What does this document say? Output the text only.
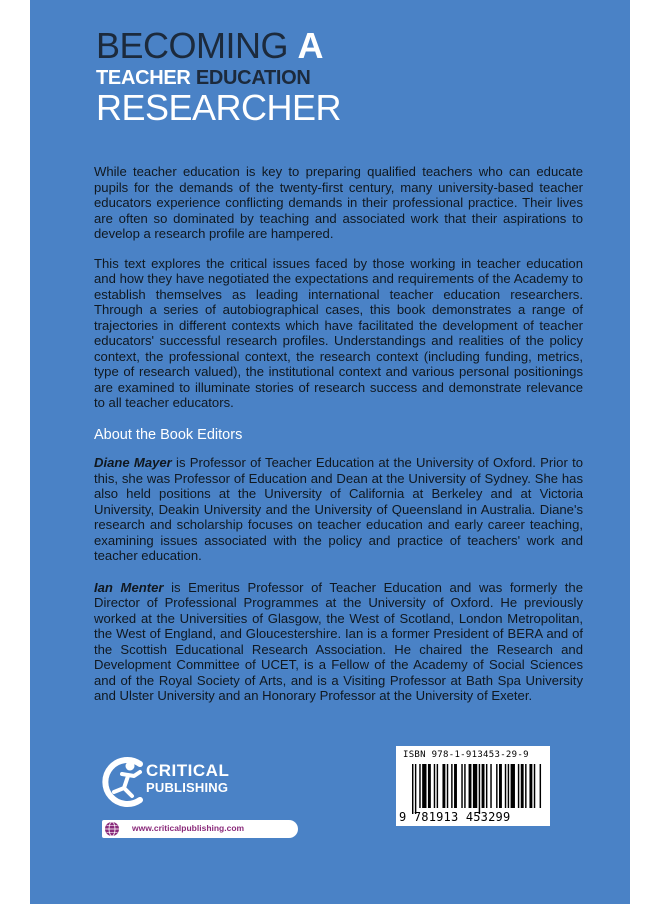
BECOMING A
TEACHER EDUCATION
RESEARCHER

While teacher education is key to preparing qualified teachers who can educate pupils for the demands of the twenty-first century, many university-based teacher educators experience conflicting demands in their professional practice. Their lives are often so dominated by teaching and associated work that their aspirations to develop a research profile are hampered.

This text explores the critical issues faced by those working in teacher education and how they have negotiated the expectations and requirements of the Academy to establish themselves as leading international teacher education researchers. Through a series of autobiographical cases, this book demonstrates a range of trajectories in different contexts which have facilitated the development of teacher educators' successful research profiles. Understandings and realities of the policy context, the professional context, the research context (including funding, metrics, type of research valued), the institutional context and various personal positionings are examined to illuminate stories of research success and demonstrate relevance to all teacher educators.

About the Book Editors

Diane Mayer is Professor of Teacher Education at the University of Oxford. Prior to this, she was Professor of Education and Dean at the University of Sydney. She has also held positions at the University of California at Berkeley and at Victoria University, Deakin University and the University of Queensland in Australia. Diane's research and scholarship focuses on teacher education and early career teaching, examining issues associated with the policy and practice of teachers' work and teacher education.

Ian Menter is Emeritus Professor of Teacher Education and was formerly the Director of Professional Programmes at the University of Oxford. He previously worked at the Universities of Glasgow, the West of Scotland, London Metropolitan, the West of England, and Gloucestershire. Ian is a former President of BERA and of the Scottish Educational Research Association. He chaired the Research and Development Committee of UCET, is a Fellow of the Academy of Social Sciences and of the Royal Society of Arts, and is a Visiting Professor at Bath Spa University and Ulster University and an Honorary Professor at the University of Exeter.

CRITICAL
PUBLISHING
www.criticalpublishing.com
ISBN 978-1-913453-29-9
9 781913 453299
